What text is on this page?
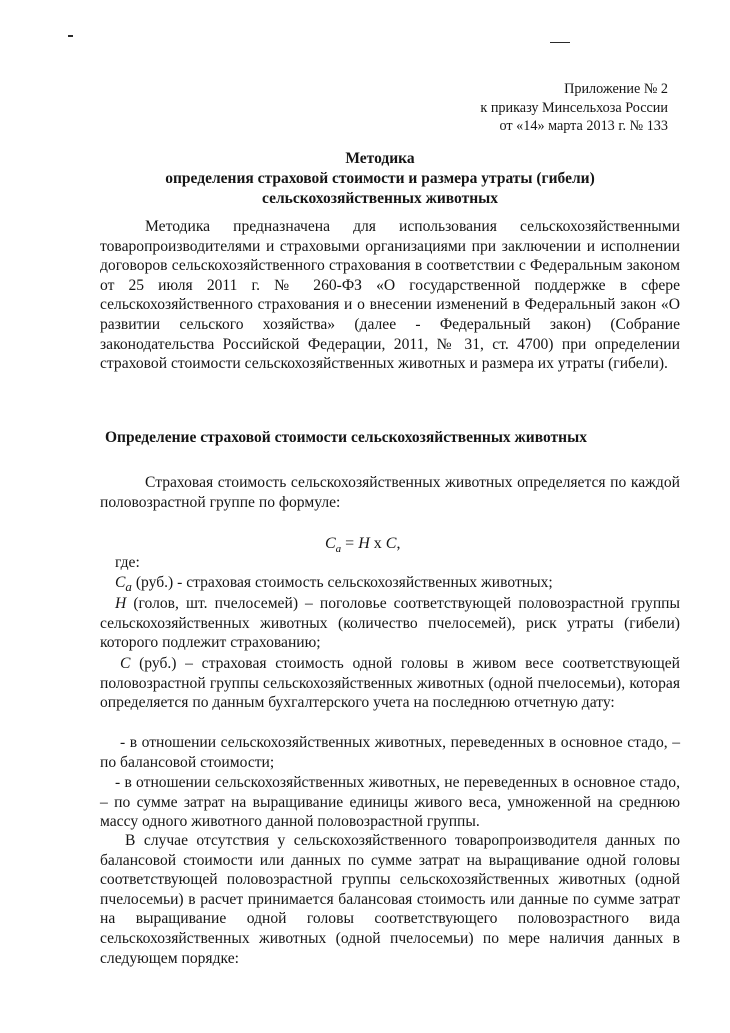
Приложение № 2
к приказу Минсельхоза России
от «14» марта 2013 г. № 133
Методика
определения страховой стоимости и размера утраты (гибели)
сельскохозяйственных животных

Методика предназначена для использования сельскохозяйственными товаропроизводителями и страховыми организациями при заключении и исполнении договоров сельскохозяйственного страхования в соответствии с Федеральным законом от 25 июля 2011 г. № 260-ФЗ «О государственной поддержке в сфере сельскохозяйственного страхования и о внесении изменений в Федеральный закон «О развитии сельского хозяйства» (далее - Федеральный закон) (Собрание законодательства Российской Федерации, 2011, № 31, ст. 4700) при определении страховой стоимости сельскохозяйственных животных и размера их утраты (гибели).

Определение страховой стоимости сельскохозяйственных животных

Страховая стоимость сельскохозяйственных животных определяется по каждой половозрастной группе по формуле:

$C_a = H$ x C,
где:

$C_a$ (руб.) - страховая стоимость сельскохозяйственных животных;

H (голов, шт. пчелосемей) – поголовье соответствующей половозрастной группы сельскохозяйственных животных (количество пчелосемей), риск утраты (гибели) которого подлежит страхованию;

C (руб.) – страховая стоимость одной головы в живом весе соответствующей половозрастной группы сельскохозяйственных животных (одной пчелосемьи), которая определяется по данным бухгалтерского учета на последнюю отчетную дату:

- в отношении сельскохозяйственных животных, переведенных в основное стадо, – по балансовой стоимости;

- в отношении сельскохозяйственных животных, не переведенных в основное стадо, – по сумме затрат на выращивание единицы живого веса, умноженной на среднюю массу одного животного данной половозрастной группы.

В случае отсутствия у сельскохозяйственного товаропроизводителя данных по балансовой стоимости или данных по сумме затрат на выращивание одной головы соответствующей половозрастной группы сельскохозяйственных животных (одной пчелосемьи) в расчет принимается балансовая стоимость или данные по сумме затрат на выращивание одной головы соответствующего половозрастного вида сельскохозяйственных животных (одной пчелосемьи) по мере наличия данных в следующем порядке:
